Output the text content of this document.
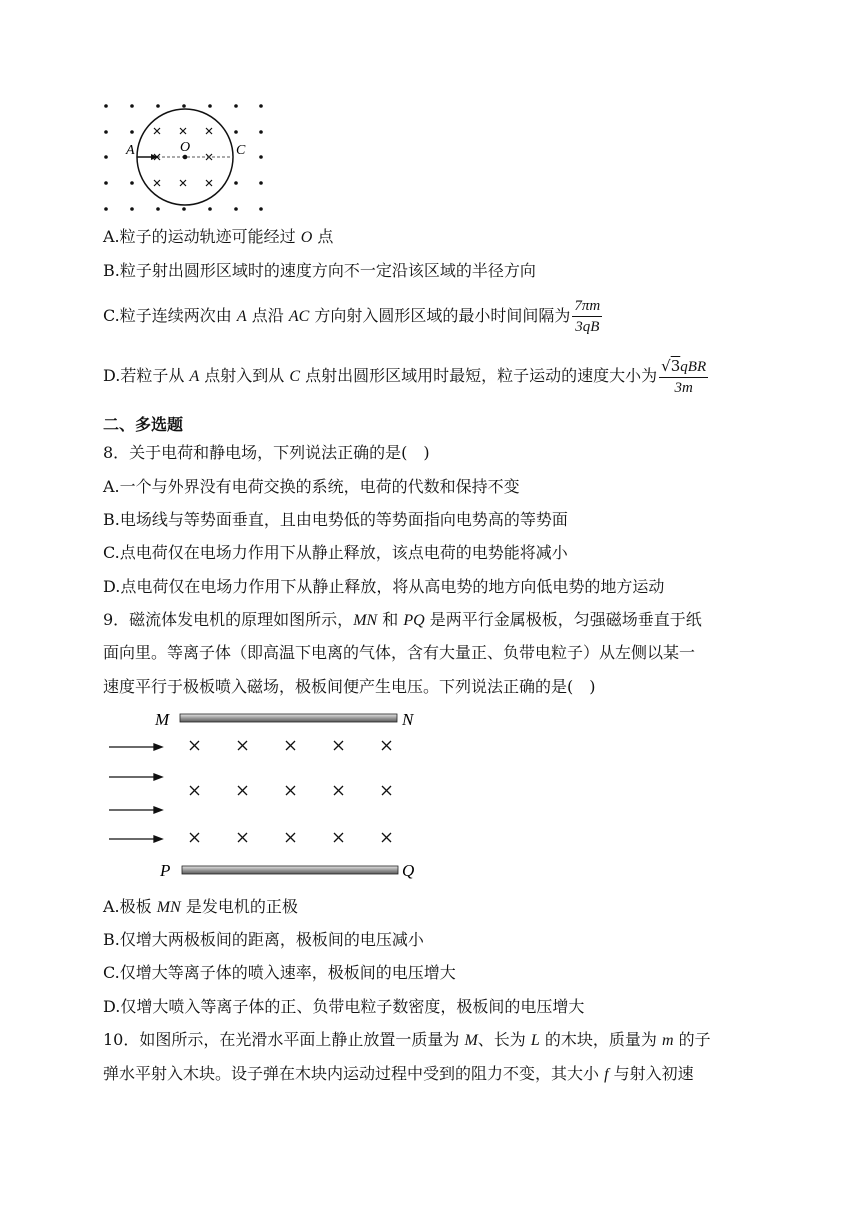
A	O	C
A.粒子的运动轨迹可能经过 O 点
B.粒子射出圆形区域时的速度方向不一定沿该区域的半径方向
C.粒子连续两次由 A 点沿 AC 方向射入圆形区域的最小时间间隔为 $\frac{7\pi m}{3qB}$
D.若粒子从 A 点射入到从 C 点射出圆形区域用时最短，粒子运动的速度大小为 $\frac{\text{√3qBR}}{3m}$
二、多选题
8．关于电荷和静电场，下列说法正确的是(　)
A.一个与外界没有电荷交换的系统，电荷的代数和保持不变
B.电场线与等势面垂直，且由电势低的等势面指向电势高的等势面
C.点电荷仅在电场力作用下从静止释放，该点电荷的电势能将减小
D.点电荷仅在电场力作用下从静止释放，将从高电势的地方向低电势的地方运动
9．磁流体发电机的原理如图所示，MN 和 PQ 是两平行金属极板，匀强磁场垂直于纸
面向里。等离子体（即高温下电离的气体，含有大量正、负带电粒子）从左侧以某一
速度平行于极板喷入磁场，极板间便产生电压。下列说法正确的是(　)
M	N
P	Q
A.极板 MN 是发电机的正极
B.仅增大两极板间的距离，极板间的电压减小
C.仅增大等离子体的喷入速率，极板间的电压增大
D.仅增大喷入等离子体的正、负带电粒子数密度，极板间的电压增大
10．如图所示，在光滑水平面上静止放置一质量为 M、长为 L 的木块，质量为 m 的子
弹水平射入木块。设子弹在木块内运动过程中受到的阻力不变，其大小 f 与射入初速
